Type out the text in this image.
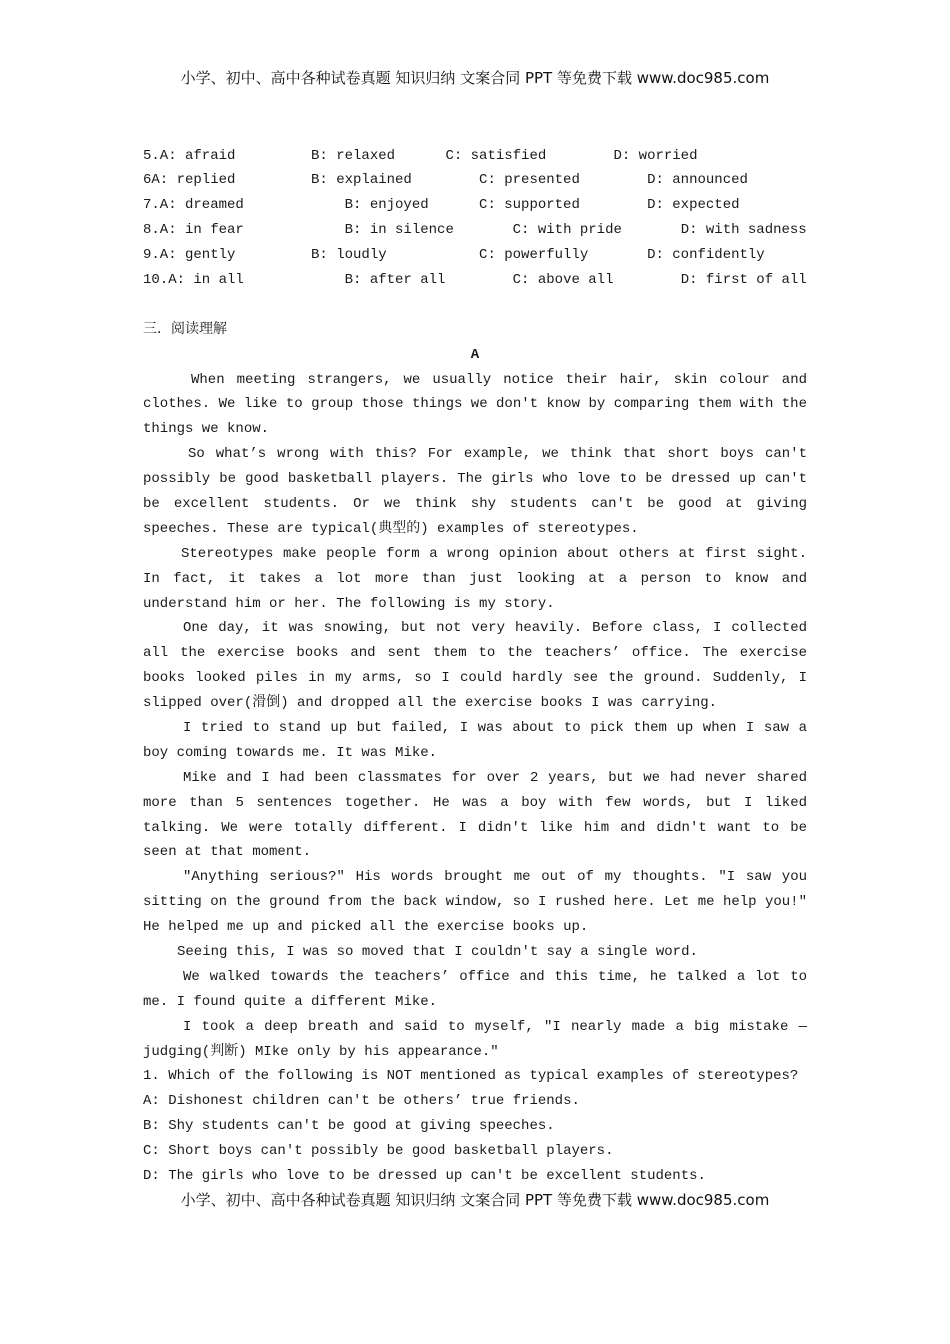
小学、初中、高中各种试卷真题 知识归纳 文案合同 PPT 等免费下载 www.doc985.com
5.A: afraid	B: relaxed	C: satisfied	D: worried
6A: replied	B: explained	C: presented	D: announced
7.A: dreamed	B: enjoyed	C: supported	D: expected
8.A: in fear	B: in silence	C: with pride	D: with sadness
9.A: gently	B: loudly	C: powerfully	D: confidently
10.A: in all	B: after all	C: above all	D: first of all
三．阅读理解
A
When meeting strangers, we usually notice their hair, skin colour and
clothes. We like to group those things we don't know by comparing them with the
things we know.
So what’s wrong with this? For example, we think that short boys can't
possibly be good basketball players. The girls who love to be dressed up can't
be excellent students. Or we think shy students can't be good at giving
speeches. These are typical(典型的) examples of stereotypes.
Stereotypes make people form a wrong opinion about others at first sight.
In fact, it takes a lot more than just looking at a person to know and
understand him or her. The following is my story.
One day, it was snowing, but not very heavily. Before class, I collected
all the exercise books and sent them to the teachers’ office. The exercise
books looked piles in my arms, so I could hardly see the ground. Suddenly, I
slipped over(滑倒) and dropped all the exercise books I was carrying.
I tried to stand up but failed, I was about to pick them up when I saw a
boy coming towards me. It was Mike.
Mike and I had been classmates for over 2 years, but we had never shared
more than 5 sentences together. He was a boy with few words, but I liked
talking. We were totally different. I didn't like him and didn't want to be
seen at that moment.
"Anything serious?" His words brought me out of my thoughts. "I saw you
sitting on the ground from the back window, so I rushed here. Let me help you!"
He helped me up and picked all the exercise books up.
Seeing this, I was so moved that I couldn't say a single word.
We walked towards the teachers’ office and this time, he talked a lot to
me. I found quite a different Mike.
I took a deep breath and said to myself, "I nearly made a big mistake —
judging(判断) MIke only by his appearance."
1. Which of the following is NOT mentioned as typical examples of stereotypes?
A: Dishonest children can't be others’ true friends.
B: Shy students can't be good at giving speeches.
C: Short boys can't possibly be good basketball players.
D: The girls who love to be dressed up can't be excellent students.
小学、初中、高中各种试卷真题 知识归纳 文案合同 PPT 等免费下载 www.doc985.com
